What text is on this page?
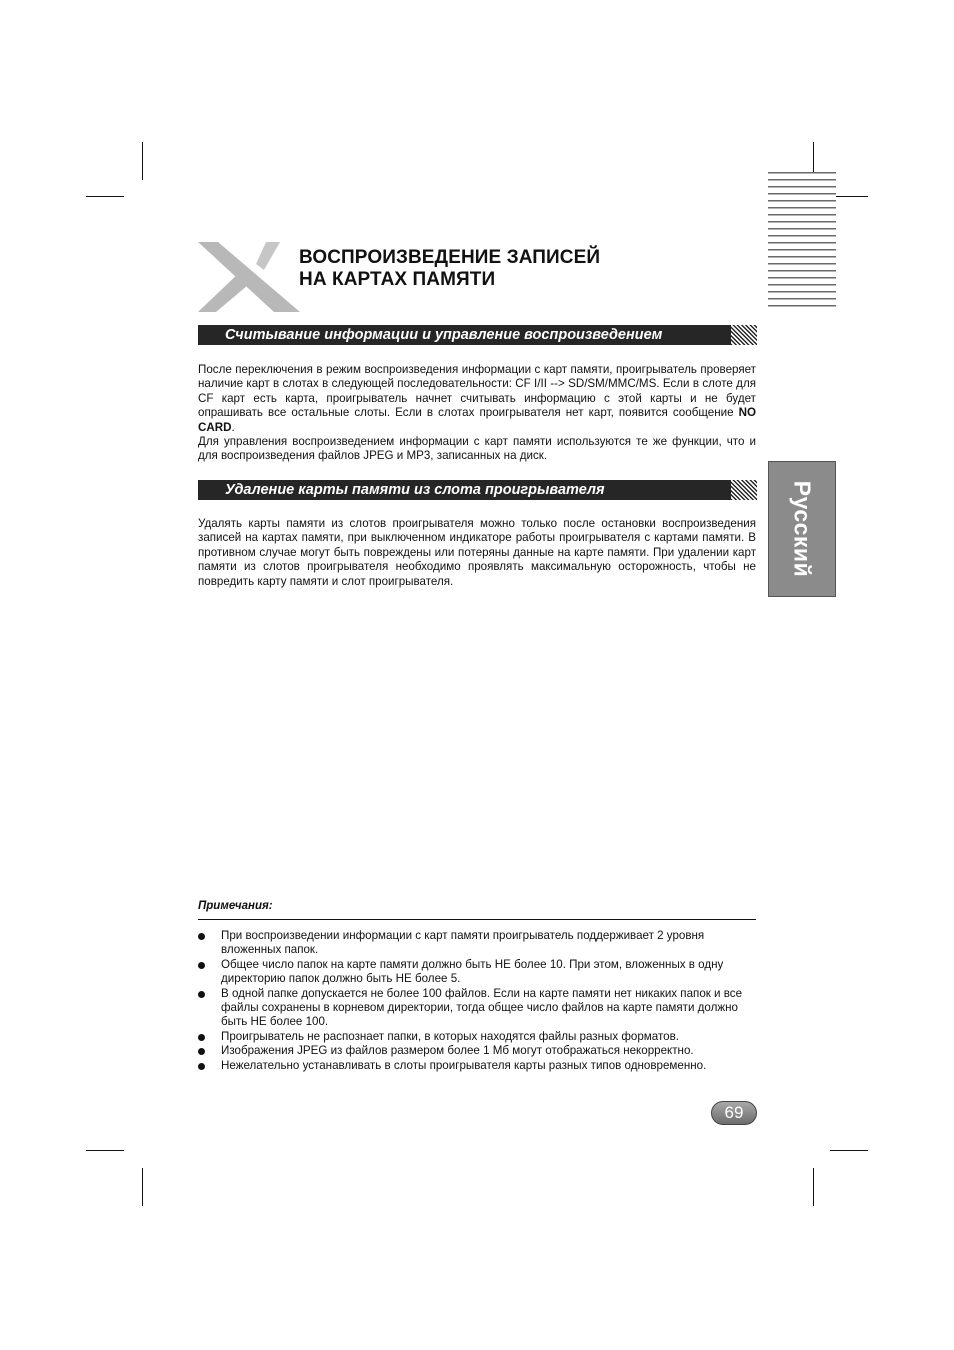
ВОСПРОИЗВЕДЕНИЕ ЗАПИСЕЙ
НА КАРТАХ ПАМЯТИ
Считывание информации и управление воспроизведением

После переключения в режим воспроизведения информации с карт памяти, проигрыватель проверяет наличие карт в слотах в следующей последовательности: CF I/II --> SD/SM/MMC/MS. Если в слоте для CF карт есть карта, проигрыватель начнет считывать информацию с этой карты и не будет опрашивать все остальные слоты. Если в слотах проигрывателя нет карт, появится сообщение NO CARD.

Для управления воспроизведением информации с карт памяти используются те же функции, что и для воспроизведения файлов JPEG и MP3, записанных на диск.

Удаление карты памяти из слота проигрывателя

Удалять карты памяти из слотов проигрывателя можно только после остановки воспроизведения записей на картах памяти, при выключенном индикаторе работы проигрывателя с картами памяти. В противном случае могут быть повреждены или потеряны данные на карте памяти. При удалении карт памяти из слотов проигрывателя необходимо проявлять максимальную осторожность, чтобы не повредить карту памяти и слот проигрывателя.

Русский
Примечания:
При воспроизведении информации с карт памяти проигрыватель поддерживает 2 уровня вложенных папок.
Общее число папок на карте памяти должно быть НЕ более 10. При этом, вложенных в одну директорию папок должно быть НЕ более 5.
В одной папке допускается не более 100 файлов. Если на карте памяти нет никаких папок и все файлы сохранены в корневом директории, тогда общее число файлов на карте памяти должно быть НЕ более 100.
Проигрыватель не распознает папки, в которых находятся файлы разных форматов.
Изображения JPEG из файлов размером более 1 Мб могут отображаться некорректно.
Нежелательно устанавливать в слоты проигрывателя карты разных типов одновременно.
69
